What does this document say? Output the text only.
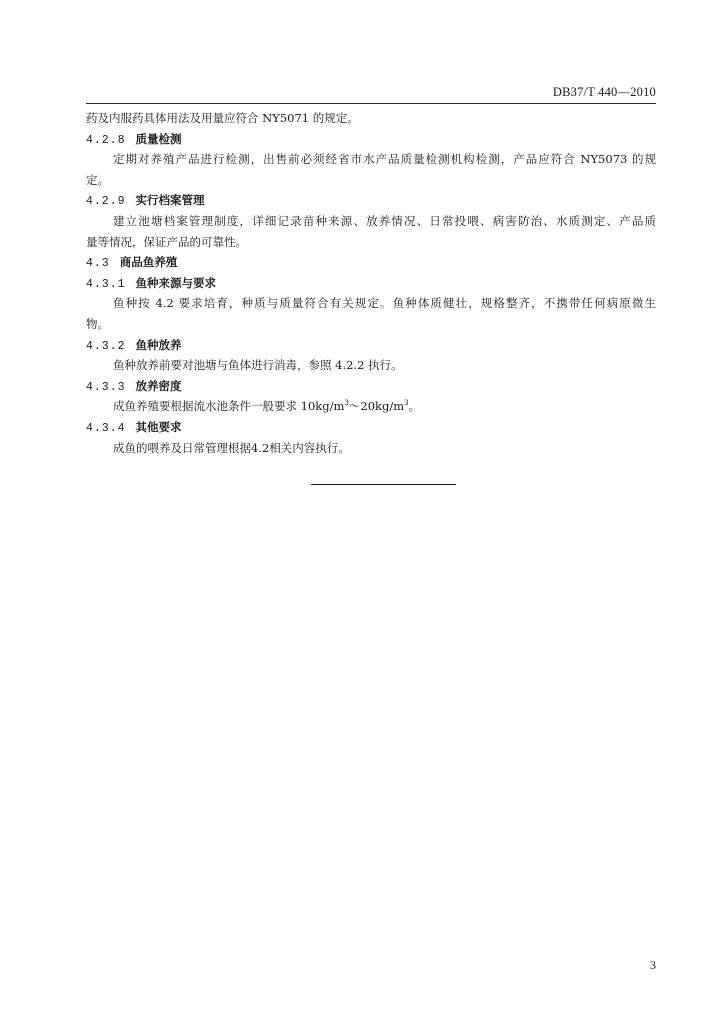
DB37/T 440—2010
药及内服药具体用法及用量应符合 NY5071 的规定。
4.2.8 质量检测
定期对养殖产品进行检测，出售前必须经省市水产品质量检测机构检测，产品应符合 NY5073 的规
定。
4.2.9 实行档案管理
建立池塘档案管理制度，详细记录苗种来源、放养情况、日常投喂、病害防治、水质测定、产品质
量等情况，保证产品的可靠性。
4.3 商品鱼养殖
4.3.1 鱼种来源与要求
鱼种按 4.2 要求培育，种质与质量符合有关规定。鱼种体质健壮，规格整齐，不携带任何病原微生
物。
4.3.2 鱼种放养
鱼种放养前要对池塘与鱼体进行消毒，参照 4.2.2 执行。
4.3.3 放养密度
成鱼养殖要根据流水池条件一般要求 $10kg/m^3\sim 20kg/m^3$。
4.3.4 其他要求
成鱼的喂养及日常管理根据4.2相关内容执行。
3
